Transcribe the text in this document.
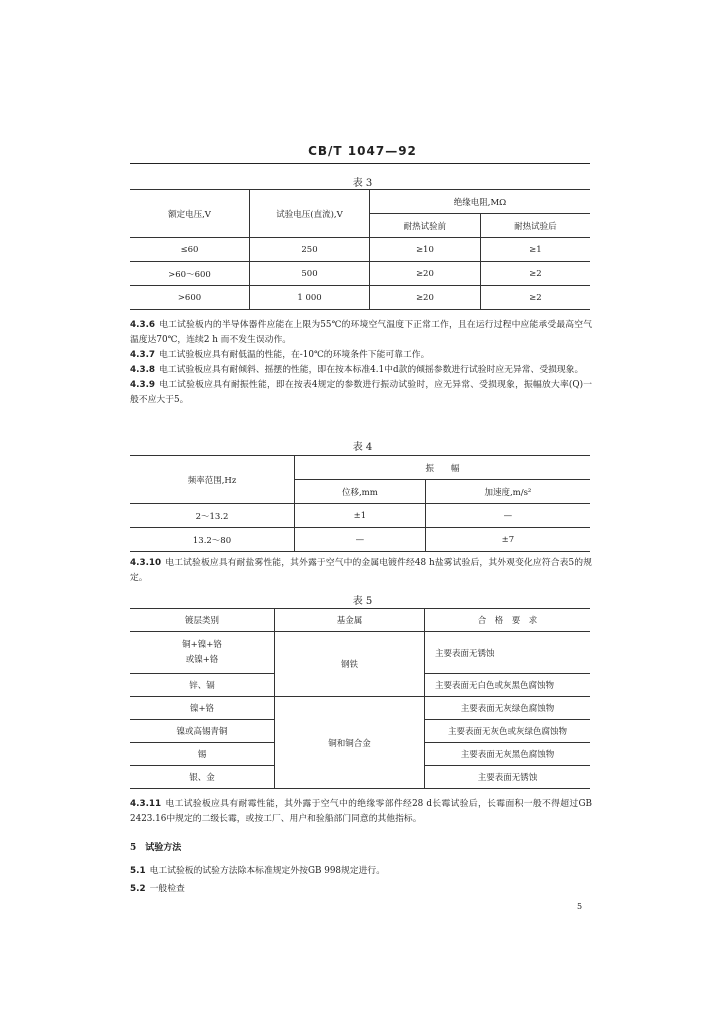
CB/T 1047—92
表 3
额定电压,V	试验电压(直流),V	绝缘电阻,MΩ	
		耐热试验前	耐热试验后
≤60	250	≥10	≥1
>60～600	500	≥20	≥2
>600	1 000	≥20	≥2
4.3.6 电工试验板内的半导体器件应能在上限为55℃的环境空气温度下正常工作，且在运行过程中应能承受最高空气温度达70℃，连续2 h 而不发生误动作。
4.3.7 电工试验板应具有耐低温的性能，在-10℃的环境条件下能可靠工作。
4.3.8 电工试验板应具有耐倾斜、摇摆的性能，即在按本标准4.1中d款的倾摇参数进行试验时应无异常、受损现象。
4.3.9 电工试验板应具有耐振性能，即在按表4规定的参数进行振动试验时，应无异常、受损现象，振幅放大率(Q)一般不应大于5。
表 4
频率范围,Hz	振　　幅	
	位移,mm	加速度,m/s²
2～13.2	±1	—
13.2～80	—	±7
4.3.10 电工试验板应具有耐盐雾性能，其外露于空气中的金属电镀件经48 h盐雾试验后，其外观变化应符合表5的规定。
表 5
镀层类别	基金属	合　格　要　求
铜+镍+铬
或镍+铬	钢铁	主要表面无锈蚀
锌、镉		主要表面无白色或灰黑色腐蚀物
镍+铬	铜和铜合金	主要表面无灰绿色腐蚀物
镍或高锡青铜		主要表面无灰色或灰绿色腐蚀物
锡		主要表面无灰黑色腐蚀物
银、金		主要表面无锈蚀
4.3.11 电工试验板应具有耐霉性能，其外露于空气中的绝缘零部件经28 d长霉试验后，长霉面积一般不得超过GB 2423.16中规定的二级长霉，或按工厂、用户和验船部门同意的其他指标。
5　试验方法
5.1 电工试验板的试验方法除本标准规定外按GB 998规定进行。
5.2 一般检查
5
